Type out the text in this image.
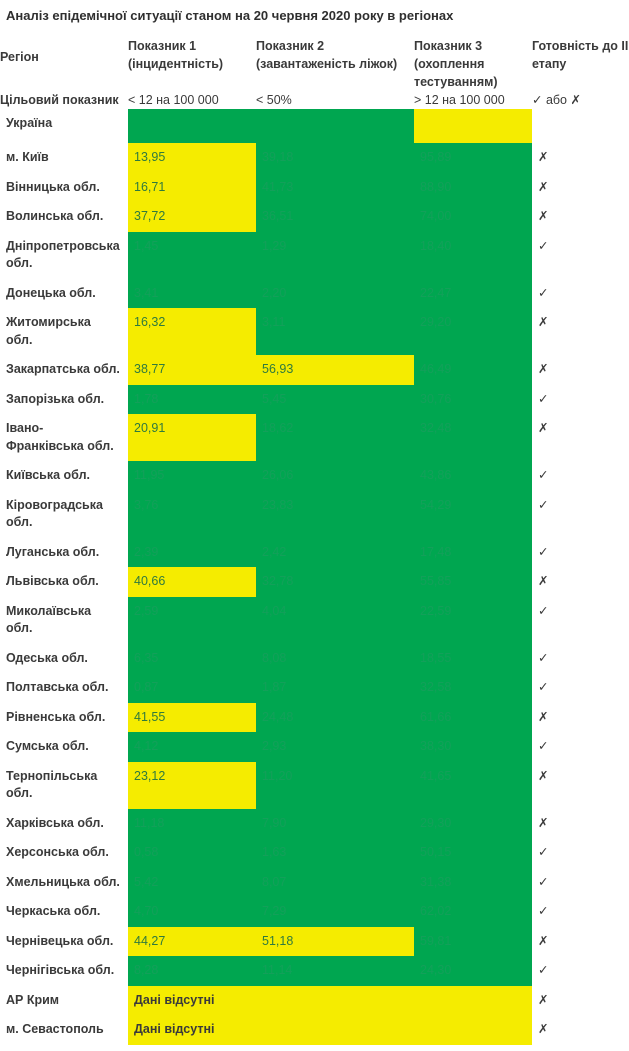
Аналіз епідемічної ситуації станом на 20 червня 2020 року в регіонах
Регіон	Показник 1 (інцидентність)	Показник 2 (завантаженість ліжок)	Показник 3 (охоплення тестуванням)	Готовність до ІІ етапу
Цільовий показник	< 12 на 100 000	< 50%	> 12 на 100 000	✓ або ✗
Україна				
м. Київ	13,95	39,18	95,89	✗
Вінницька обл.	16,71	41,73	88,90	✗
Волинська обл.	37,72	36,51	74,00	✗
Дніпропетровська обл.	1,45	1,29	18,40	✓
Донецька обл.	3,41	2,20	22,47	✓
Житомирська обл.	16,32	3,11	29,20	✗
Закарпатська обл.	38,77	56,93	46,49	✗
Запорізька обл.	1,78	5,45	30,76	✓
Івано-Франківська обл.	20,91	18,62	32,48	✗
Київська обл.	11,95	26,06	43,86	✓
Кіровоградська обл.	3,76	23,83	54,29	✓
Луганська обл.	2,39	2,42	17,48	✓
Львівська обл.	40,66	32,78	55,85	✗
Миколаївська обл.	2,59	4,04	22,59	✓
Одеська обл.	6,35	8,08	18,55	✓
Полтавська обл.	0,87	1,87	32,58	✓
Рівненська обл.	41,55	24,48	61,66	✗
Сумська обл.	4,12	2,93	38,30	✓
Тернопільська обл.	23,12	11,20	41,65	✗
Харківська обл.	11,18	7,90	29,30	✗
Херсонська обл.	0,58	1,63	50,15	✓
Хмельницька обл.	5,42	8,07	31,38	✓
Черкаська обл.	4,70	7,29	62,02	✓
Чернівецька обл.	44,27	51,18	59,81	✗
Чернігівська обл.	8,28	11,14	24,30	✓
АР Крим	Дані відсутні			✗
м. Севастополь	Дані відсутні			✗
